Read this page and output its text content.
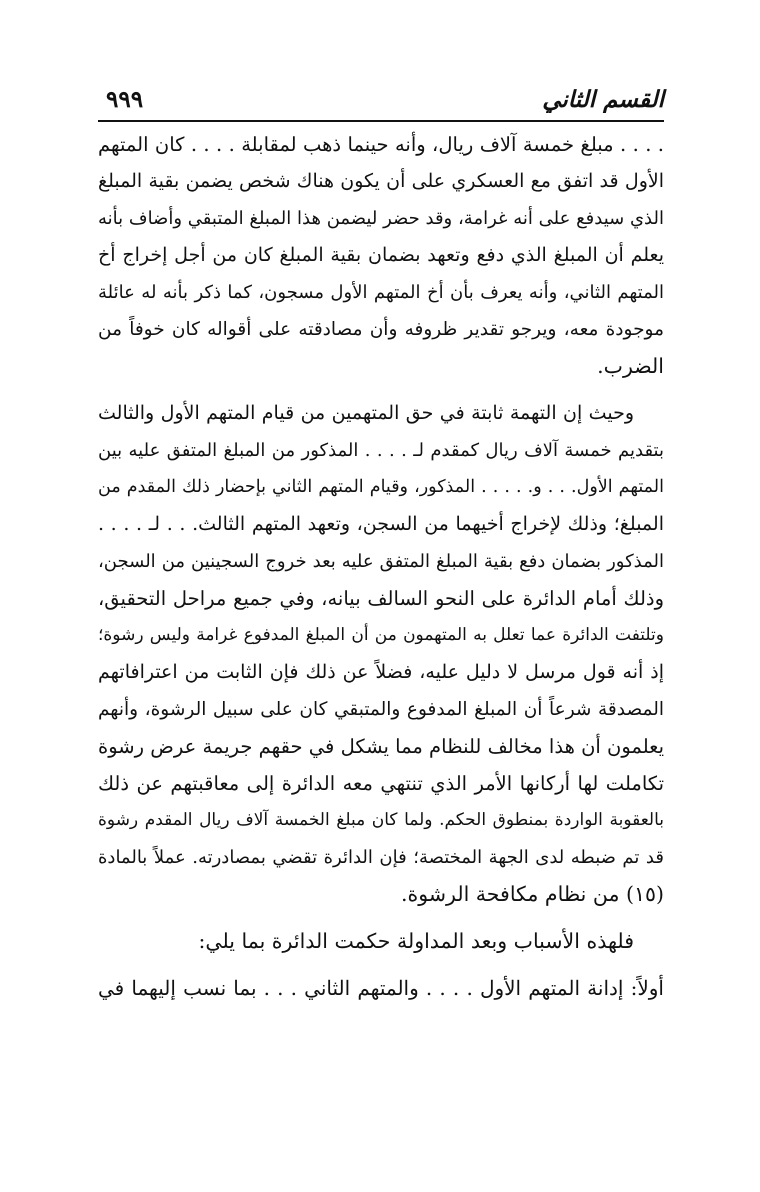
القسم الثاني
٩٩٩

. . . . مبلغ خمسة آلاف ريال، وأنه حينما ذهب لمقابلة . . . . كان المتهم
الأول قد اتفق مع العسكري على أن يكون هناك شخص يضمن بقية المبلغ
الذي سيدفع على أنه غرامة، وقد حضر ليضمن هذا المبلغ المتبقي وأضاف بأنه
يعلم أن المبلغ الذي دفع وتعهد بضمان بقية المبلغ كان من أجل إخراج أخ
المتهم الثاني، وأنه يعرف بأن أخ المتهم الأول مسجون، كما ذكر بأنه له عائلة
موجودة معه، ويرجو تقدير ظروفه وأن مصادقته على أقواله كان خوفاً من
الضرب.

وحيث إن التهمة ثابتة في حق المتهمين من قيام المتهم الأول والثالث
بتقديم خمسة آلاف ريال كمقدم لـ . . . . المذكور من المبلغ المتفق عليه بين
المتهم الأول. . . و. . . . . المذكور، وقيام المتهم الثاني بإحضار ذلك المقدم من
المبلغ؛ وذلك لإخراج أخيهما من السجن، وتعهد المتهم الثالث. . . لـ . . . .
المذكور بضمان دفع بقية المبلغ المتفق عليه بعد خروج السجينين من السجن،
وذلك أمام الدائرة على النحو السالف بيانه، وفي جميع مراحل التحقيق،
وتلتفت الدائرة عما تعلل به المتهمون من أن المبلغ المدفوع غرامة وليس رشوة؛
إذ أنه قول مرسل لا دليل عليه، فضلاً عن ذلك فإن الثابت من اعترافاتهم
المصدقة شرعاً أن المبلغ المدفوع والمتبقي كان على سبيل الرشوة، وأنهم
يعلمون أن هذا مخالف للنظام مما يشكل في حقهم جريمة عرض رشوة
تكاملت لها أركانها الأمر الذي تنتهي معه الدائرة إلى معاقبتهم عن ذلك
بالعقوبة الواردة بمنطوق الحكم. ولما كان مبلغ الخمسة آلاف ريال المقدم رشوة
قد تم ضبطه لدى الجهة المختصة؛ فإن الدائرة تقضي بمصادرته. عملاً بالمادة
(١٥) من نظام مكافحة الرشوة.

فلهذه الأسباب وبعد المداولة حكمت الدائرة بما يلي:

أولاً: إدانة المتهم الأول . . . . والمتهم الثاني . . . بما نسب إليهما في
